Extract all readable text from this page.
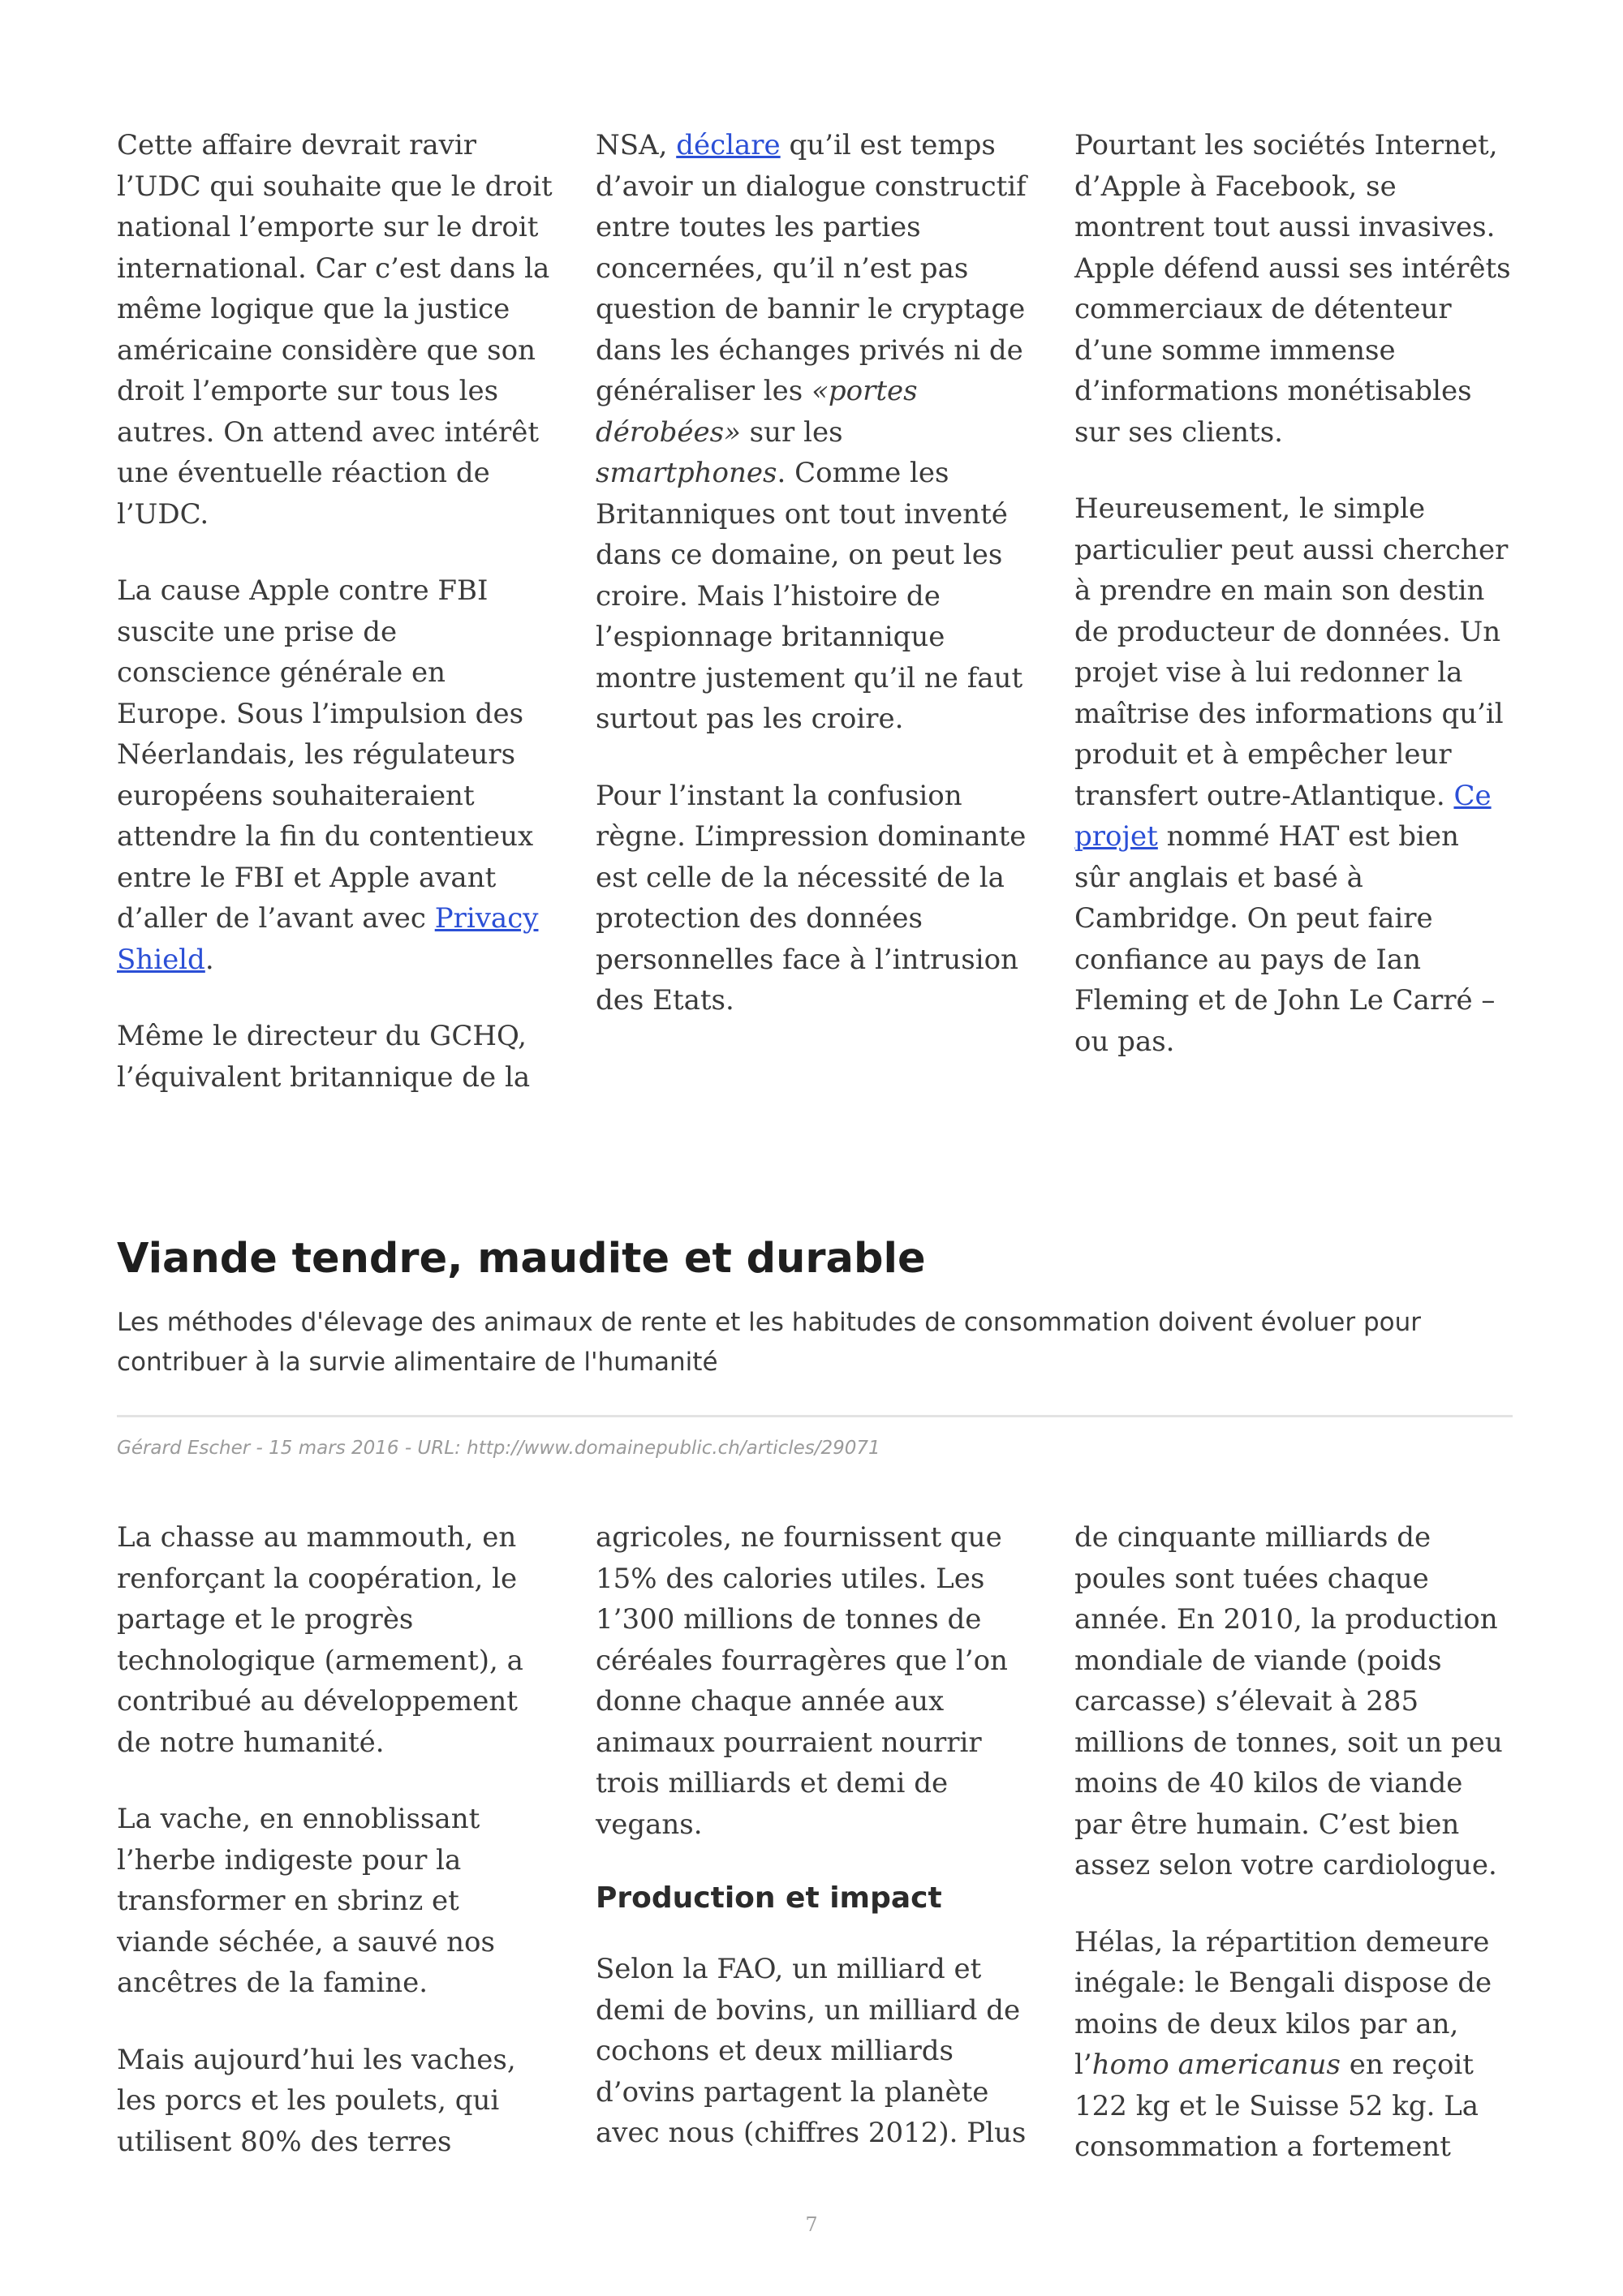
Cette affaire devrait ravir l’UDC qui souhaite que le droit national l’emporte sur le droit international. Car c’est dans la même logique que la justice américaine considère que son droit l’emporte sur tous les autres. On attend avec intérêt une éventuelle réaction de l’UDC.

La cause Apple contre FBI suscite une prise de conscience générale en Europe. Sous l’impulsion des Néerlandais, les régulateurs européens souhaiteraient attendre la fin du contentieux entre le FBI et Apple avant d’aller de l’avant avec Privacy Shield.

Même le directeur du GCHQ, l’équivalent britannique de la

NSA, déclare qu’il est temps d’avoir un dialogue constructif entre toutes les parties concernées, qu’il n’est pas question de bannir le cryptage dans les échanges privés ni de généraliser les «portes dérobées» sur les smartphones. Comme les Britanniques ont tout inventé dans ce domaine, on peut les croire. Mais l’histoire de l’espionnage britannique montre justement qu’il ne faut surtout pas les croire.

Pour l’instant la confusion règne. L’impression dominante est celle de la nécessité de la protection des données personnelles face à l’intrusion des Etats.

Pourtant les sociétés Internet, d’Apple à Facebook, se montrent tout aussi invasives. Apple défend aussi ses intérêts commerciaux de détenteur d’une somme immense d’informations monétisables sur ses clients.

Heureusement, le simple particulier peut aussi chercher à prendre en main son destin de producteur de données. Un projet vise à lui redonner la maîtrise des informations qu’il produit et à empêcher leur transfert outre-Atlantique. Ce projet nommé HAT est bien sûr anglais et basé à Cambridge. On peut faire confiance au pays de Ian Fleming et de John Le Carré – ou pas.

Viande tendre, maudite et durable
Les méthodes d'élevage des animaux de rente et les habitudes de consommation doivent évoluer pour contribuer à la survie alimentaire de l'humanité
Gérard Escher - 15 mars 2016 - URL: http://www.domainepublic.ch/articles/29071

La chasse au mammouth, en renforçant la coopération, le partage et le progrès technologique (armement), a contribué au développement de notre humanité.

La vache, en ennoblissant l’herbe indigeste pour la transformer en sbrinz et viande séchée, a sauvé nos ancêtres de la famine.

Mais aujourd’hui les vaches, les porcs et les poulets, qui utilisent 80% des terres

agricoles, ne fournissent que 15% des calories utiles. Les 1’300 millions de tonnes de céréales fourragères que l’on donne chaque année aux animaux pourraient nourrir trois milliards et demi de vegans.

Production et impact

Selon la FAO, un milliard et demi de bovins, un milliard de cochons et deux milliards d’ovins partagent la planète avec nous (chiffres 2012). Plus

de cinquante milliards de poules sont tuées chaque année. En 2010, la production mondiale de viande (poids carcasse) s’élevait à 285 millions de tonnes, soit un peu moins de 40 kilos de viande par être humain. C’est bien assez selon votre cardiologue.

Hélas, la répartition demeure inégale: le Bengali dispose de moins de deux kilos par an, l’homo americanus en reçoit 122 kg et le Suisse 52 kg. La consommation a fortement

7
